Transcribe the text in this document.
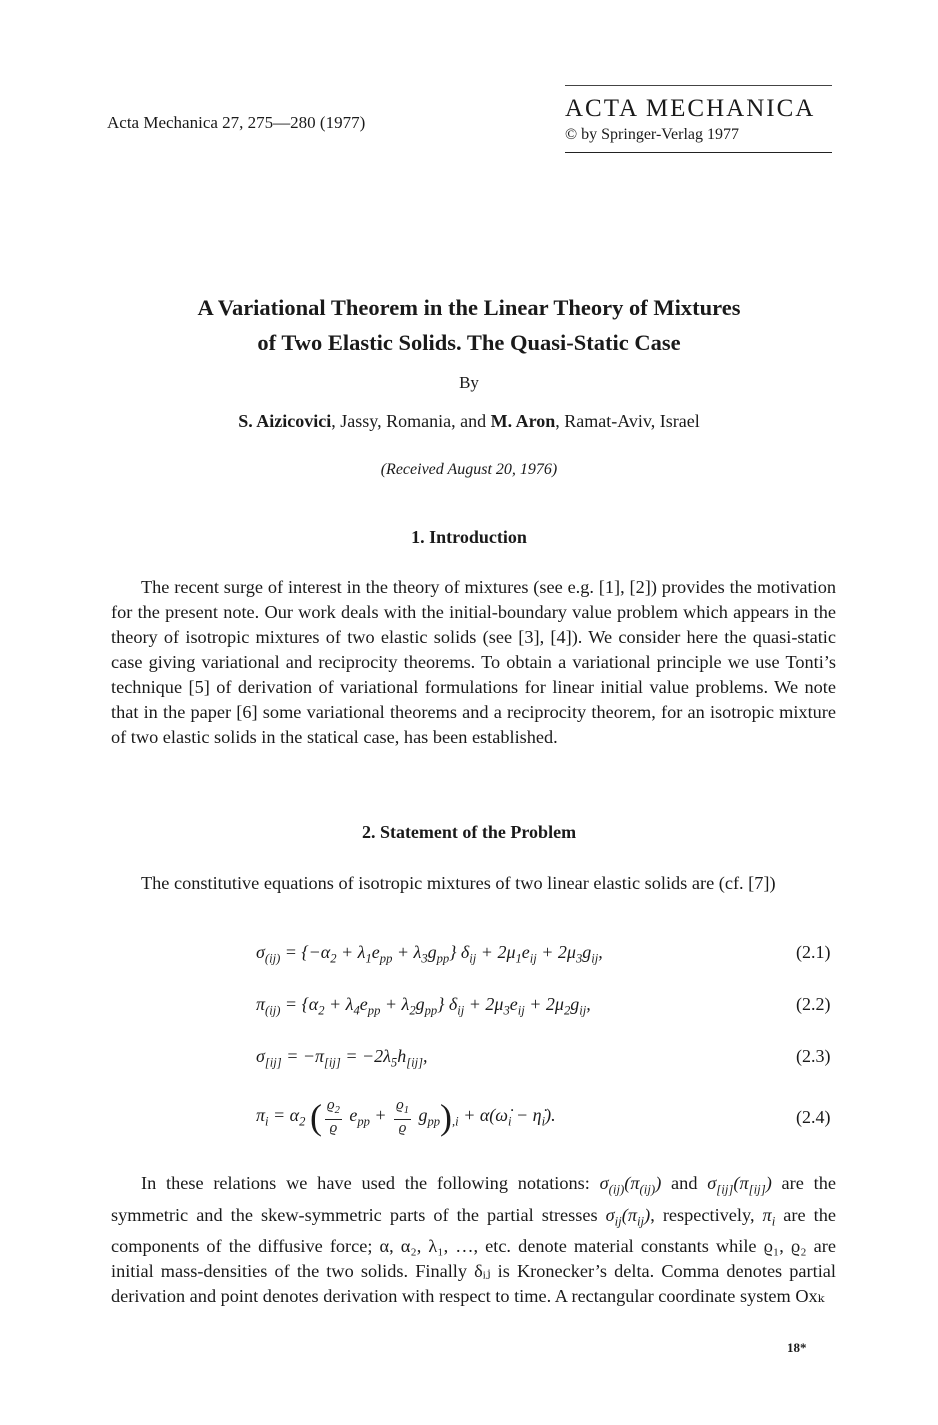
Acta Mechanica 27, 275—280 (1977)
ACTA MECHANICA
© by Springer-Verlag 1977
A Variational Theorem in the Linear Theory of Mixtures
of Two Elastic Solids. The Quasi-Static Case
By
S. Aizicovici, Jassy, Romania, and M. Aron, Ramat-Aviv, Israel
(Received August 20, 1976)
1. Introduction

The recent surge of interest in the theory of mixtures (see e.g. [1], [2]) provides the motivation for the present note. Our work deals with the initial-boundary value problem which appears in the theory of isotropic mixtures of two elastic solids (see [3], [4]). We consider here the quasi-static case giving variational and reciprocity theorems. To obtain a variational principle we use Tonti’s technique [5] of derivation of variational formulations for linear initial value problems. We note that in the paper [6] some variational theorems and a reciprocity theorem, for an isotropic mixture of two elastic solids in the statical case, has been established.

2. Statement of the Problem

The constitutive equations of isotropic mixtures of two linear elastic solids are (cf. [7])

$\sigma_{(ij)} = \{-\alpha_2 + \lambda_1e_{pp} + \lambda_3g_{pp}\} \delta_{ij} + 2\mu_1e_{ij} + 2\mu_3g_{ij}$,	(2.1)
$\pi_{(ij)} = \{\alpha_2 + \lambda_4e_{pp} + \lambda_2g_{pp}\} \delta_{ij} + 2\mu_3e_{ij} + 2\mu_2g_{ij}$,	(2.2)
$\sigma_{[ij]} = -\pi_{[ij]} = -2\lambda_5h_{[ij]}$,	(2.3)
$\pi_i = \alpha_2$ ( $\frac{ϱ_2}{ϱ} e_{pp} + \frac{ϱ_1}{ϱ} g_{pp})_{,i}$ + $\alpha(\omegȧ_i$ − $\etȧ_i$).	(2.4)

In these relations we have used the following notations: $\sigma_{(ij)}(\pi_{(ij)})$ and $\sigma_{[ij]}(\pi_{[ij]})$ are the symmetric and the skew-symmetric parts of the partial stresses $\sigma_{ij}(\pi_{ij})$, respectively, $\pi_i$ are the components of the diffusive force; α, α₂, λ₁, …, etc. denote material constants while ϱ₁, ϱ₂ are initial mass-densities of the two solids. Finally δᵢⱼ is Kronecker’s delta. Comma denotes partial derivation and point denotes derivation with respect to time. A rectangular coordinate system Oxₖ

18*
